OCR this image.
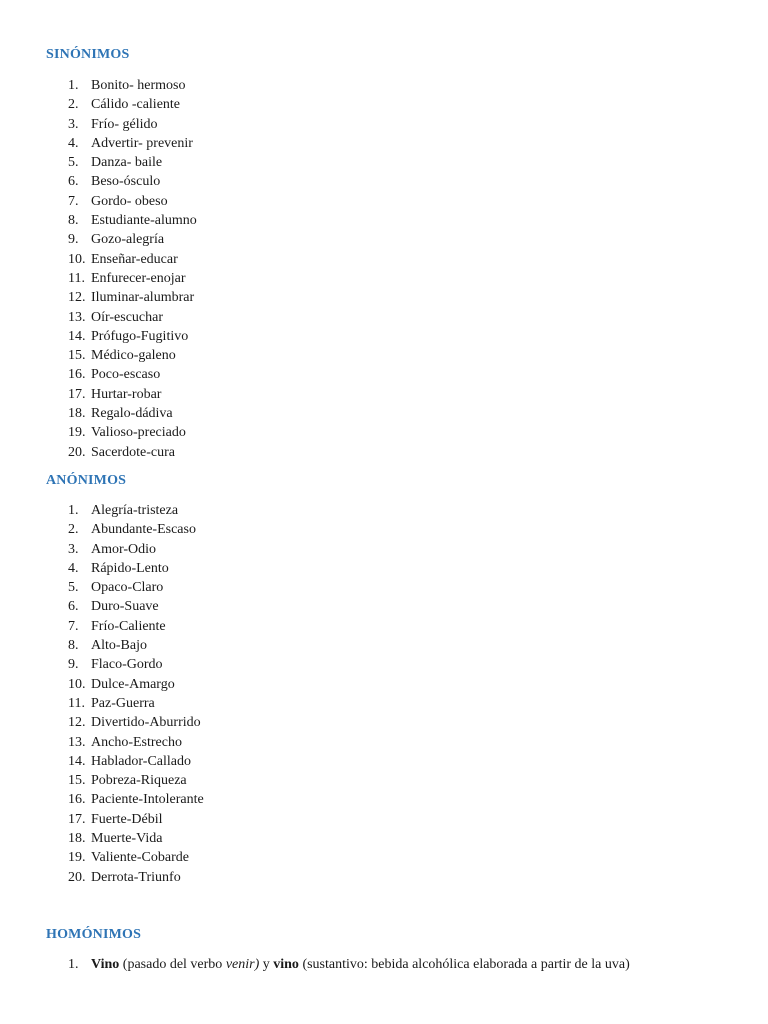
SINÓNIMOS
1. Bonito- hermoso
2. Cálido -caliente
3. Frío- gélido
4. Advertir- prevenir
5. Danza- baile
6. Beso-ósculo
7. Gordo- obeso
8. Estudiante-alumno
9. Gozo-alegría
10. Enseñar-educar
11. Enfurecer-enojar
12. Iluminar-alumbrar
13. Oír-escuchar
14. Prófugo-Fugitivo
15. Médico-galeno
16. Poco-escaso
17. Hurtar-robar
18. Regalo-dádiva
19. Valioso-preciado
20. Sacerdote-cura
ANÓNIMOS
1. Alegría-tristeza
2. Abundante-Escaso
3. Amor-Odio
4. Rápido-Lento
5. Opaco-Claro
6. Duro-Suave
7. Frío-Caliente
8. Alto-Bajo
9. Flaco-Gordo
10. Dulce-Amargo
11. Paz-Guerra
12. Divertido-Aburrido
13. Ancho-Estrecho
14. Hablador-Callado
15. Pobreza-Riqueza
16. Paciente-Intolerante
17. Fuerte-Débil
18. Muerte-Vida
19. Valiente-Cobarde
20. Derrota-Triunfo
HOMÓNIMOS
1. Vino (pasado del verbo venir) y vino (sustantivo: bebida alcohólica elaborada a partir de la uva)
